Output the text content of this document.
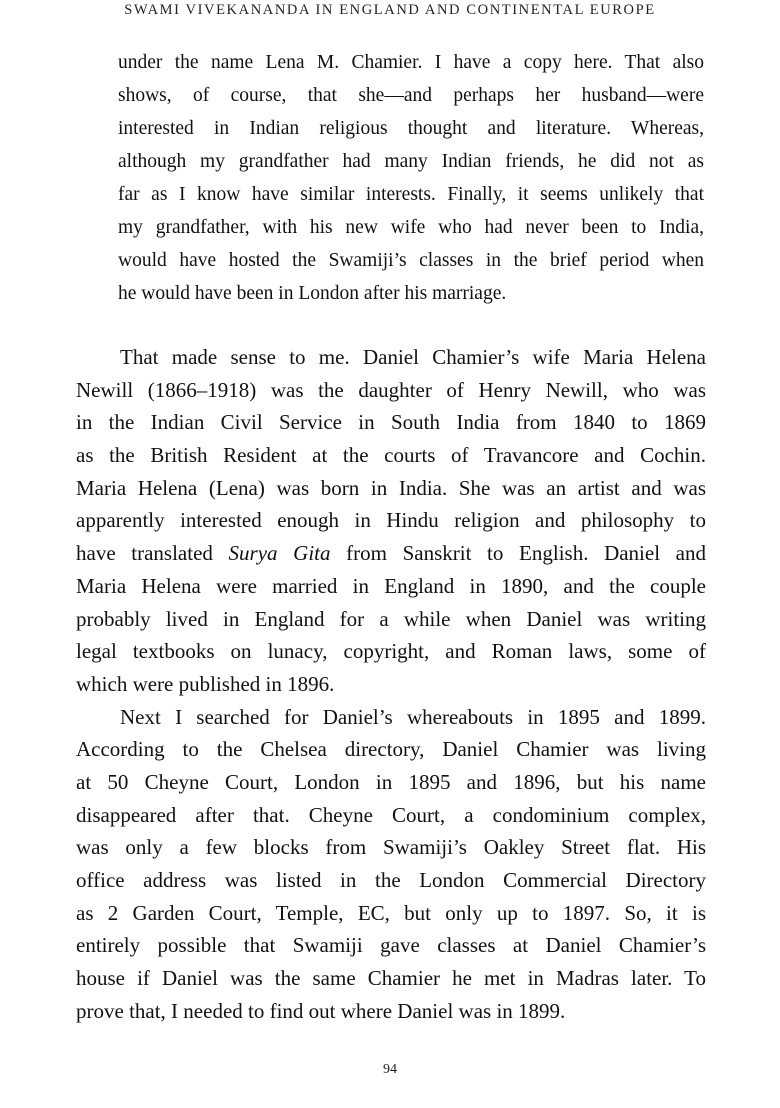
SWAMI VIVEKANANDA IN ENGLAND AND CONTINENTAL EUROPE
under the name Lena M. Chamier. I have a copy here. That also
shows, of course, that she—and perhaps her husband—were
interested in Indian religious thought and literature. Whereas,
although my grandfather had many Indian friends, he did not as
far as I know have similar interests. Finally, it seems unlikely that
my grandfather, with his new wife who had never been to India,
would have hosted the Swamiji’s classes in the brief period when
he would have been in London after his marriage.
That made sense to me. Daniel Chamier’s wife Maria Helena
Newill (1866–1918) was the daughter of Henry Newill, who was
in the Indian Civil Service in South India from 1840 to 1869
as the British Resident at the courts of Travancore and Cochin.
Maria Helena (Lena) was born in India. She was an artist and was
apparently interested enough in Hindu religion and philosophy to
have translated Surya Gita from Sanskrit to English. Daniel and
Maria Helena were married in England in 1890, and the couple
probably lived in England for a while when Daniel was writing
legal textbooks on lunacy, copyright, and Roman laws, some of
which were published in 1896.
Next I searched for Daniel’s whereabouts in 1895 and 1899.
According to the Chelsea directory, Daniel Chamier was living
at 50 Cheyne Court, London in 1895 and 1896, but his name
disappeared after that. Cheyne Court, a condominium complex,
was only a few blocks from Swamiji’s Oakley Street flat. His
office address was listed in the London Commercial Directory
as 2 Garden Court, Temple, EC, but only up to 1897. So, it is
entirely possible that Swamiji gave classes at Daniel Chamier’s
house if Daniel was the same Chamier he met in Madras later. To
prove that, I needed to find out where Daniel was in 1899.
94
